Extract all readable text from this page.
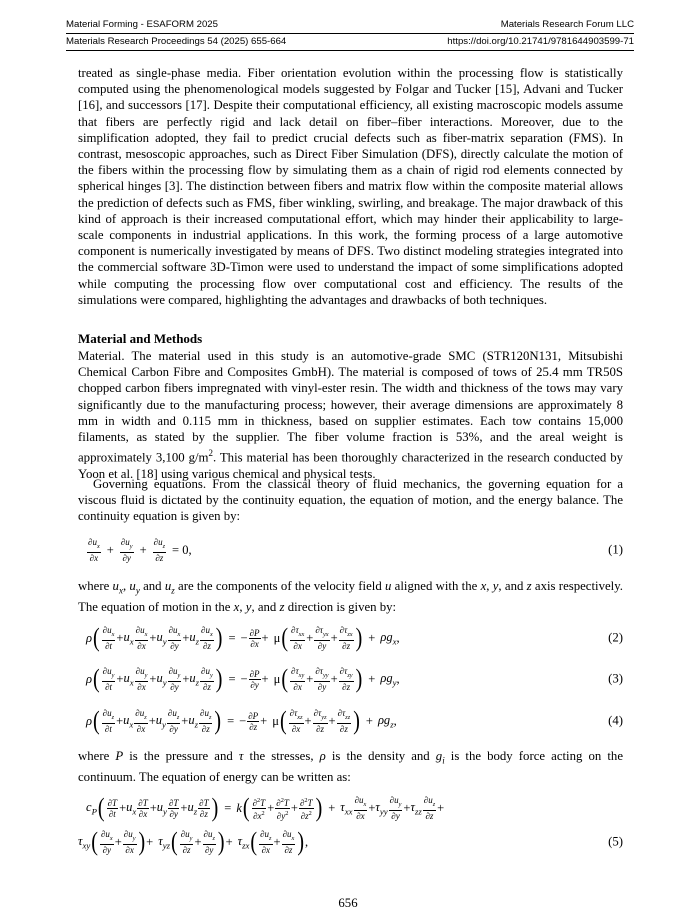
Material Forming - ESAFORM 2025	Materials Research Forum LLC
Materials Research Proceedings 54 (2025) 655-664	https://doi.org/10.21741/9781644903599-71

treated as single-phase media. Fiber orientation evolution within the processing flow is statistically computed using the phenomenological models suggested by Folgar and Tucker [15], Advani and Tucker [16], and successors [17]. Despite their computational efficiency, all existing macroscopic models assume that fibers are perfectly rigid and lack detail on fiber–fiber interactions. Moreover, due to the simplification adopted, they fail to predict crucial defects such as fiber-matrix separation (FMS). In contrast, mesoscopic approaches, such as Direct Fiber Simulation (DFS), directly calculate the motion of the fibers within the processing flow by simulating them as a chain of rigid rod elements connected by spherical hinges [3]. The distinction between fibers and matrix flow within the composite material allows the prediction of defects such as FMS, fiber winkling, swirling, and breakage. The major drawback of this kind of approach is their increased computational effort, which may hinder their applicability to large-scale components in industrial applications. In this work, the forming process of a large automotive component is numerically investigated by means of DFS. Two distinct modeling strategies integrated into the commercial software 3D-Timon were used to understand the impact of some simplifications adopted while computing the processing flow over computational cost and efficiency. The results of the simulations were compared, highlighting the advantages and drawbacks of both techniques.

Material and Methods

Material. The material used in this study is an automotive-grade SMC (STR120N131, Mitsubishi Chemical Carbon Fibre and Composites GmbH). The material is composed of tows of 25.4 mm TR50S chopped carbon fibers impregnated with vinyl-ester resin. The width and thickness of the tows may vary significantly due to the manufacturing process; however, their average dimensions are approximately 8 mm in width and 0.115 mm in thickness, based on supplier estimates. Each tow contains 15,000 filaments, as stated by the supplier. The fiber volume fraction is 53%, and the areal weight is approximately 3,100 $g/m^2$. This material has been thoroughly characterized in the research conducted by Yoon et al. [18] using various chemical and physical tests.

Governing equations. From the classical theory of fluid mechanics, the governing equation for a viscous fluid is dictated by the continuity equation, the equation of motion, and the energy balance. The continuity equation is given by:

$\frac{\partial u_x}{\partial x} + \frac{\partial u_y}{\partial y} + \frac{\partial u_z}{\partial z} = 0$,	(1)

where $u_x$, $u_y$ and $u_z$ are the components of the velocity field u aligned with the x, y, and z axis respectively. The equation of motion in the x, y, and z direction is given by:

ρ ( $\frac{\partial u_x}{\partial t} + u_x \frac{\partial u_x}{\partial x} + u_y \frac{\partial u_x}{\partial y} + u_z \frac{\partial u_x}{\partial z}$ ) = − $\frac{\partial P}{\partial x} + \mu$ ( $\frac{\partial\tau_{xx}}{\partial x} + \frac{\partial\tau_{yx}}{\partial y} + \frac{\partial\tau_{zx}}{\partial z}$ ) + $\rho g_x$ ,	(2)
ρ ( $\frac{\partial u_y}{\partial t} + u_x \frac{\partial u_y}{\partial x} + u_y \frac{\partial u_y}{\partial y} + u_z \frac{\partial u_y}{\partial z}$ ) = − $\frac{\partial P}{\partial y} + \mu$ ( $\frac{\partial\tau_{xy}}{\partial x} + \frac{\partial\tau_{yy}}{\partial y} + \frac{\partial\tau_{zy}}{\partial z}$ ) + $\rho g_y$ ,	(3)
ρ ( $\frac{\partial u_z}{\partial t} + u_x \frac{\partial u_z}{\partial x} + u_y \frac{\partial u_z}{\partial y} + u_z \frac{\partial u_z}{\partial z}$ ) = − $\frac{\partial P}{\partial z} + \mu$ ( $\frac{\partial\tau_{xz}}{\partial x} + \frac{\partial\tau_{yz}}{\partial z} + \frac{\partial\tau_{zz}}{\partial z}$ ) + $\rho g_z$ ,	(4)

where P is the pressure and τ the stresses, ρ is the density and $g_i$ is the body force acting on the continuum. The equation of energy can be written as:

$c_P$ ( $\frac{\partial T}{\partial t} + u_x \frac{\partial T}{\partial x} + u_y \frac{\partial T}{\partial y} + u_z \frac{\partial T}{\partial z}$ ) = k ( $\frac{\partial^2T}{\partial x^2} + \frac{\partial^2T}{\partial y^2} + \frac{\partial^2T}{\partial z^2}$ ) + $\tau_{xx} \frac{\partial u_x}{\partial x} + \tau_{yy} \frac{\partial u_y}{\partial y} + \tau_{zz} \frac{\partial u_z}{\partial z}$ +
$\tau_{xy}$ ( $\frac{\partial u_x}{\partial y} + \frac{\partial u_y}{\partial x}$ ) + $\tau_{yz}$ ( $\frac{\partial u_y}{\partial z} + \frac{\partial u_z}{\partial y}$ ) + $\tau_{zx}$ ( $\frac{\partial u_z}{\partial x} + \frac{\partial u_x}{\partial z}$ ) ,	(5)
656
